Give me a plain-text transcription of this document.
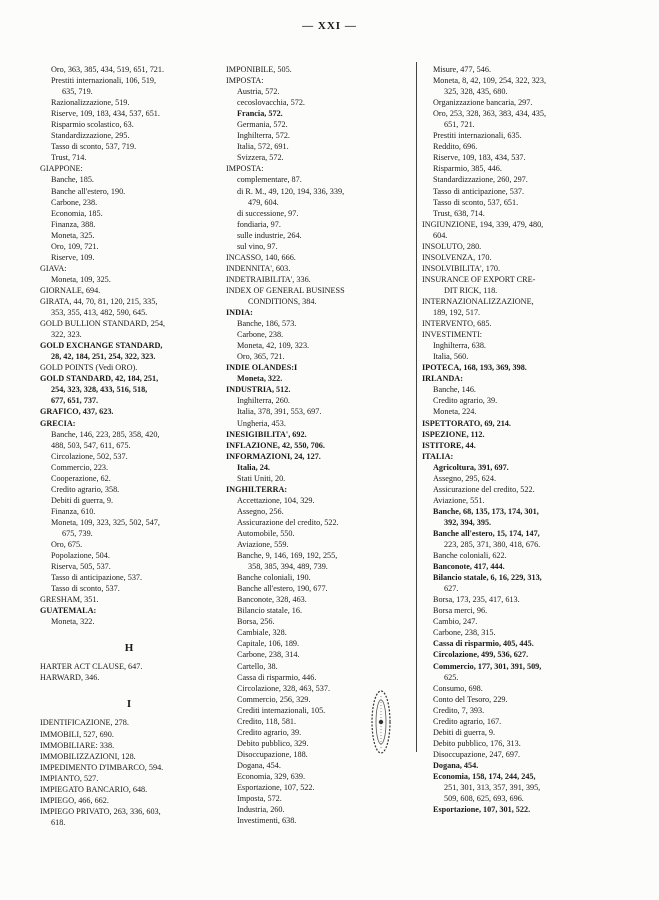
— XXI —
Oro, 363, 385, 434, 519, 651, 721.
Prestiti internazionali, 106, 519,
635, 719.
Razionalizzazione, 519.
Riserve, 109, 183, 434, 537, 651.
Risparmio scolastico, 63.
Standardizzazione, 295.
Tasso di sconto, 537, 719.
Trust, 714.
GIAPPONE:
Banche, 185.
Banche all'estero, 190.
Carbone, 238.
Economia, 185.
Finanza, 388.
Moneta, 325.
Oro, 109, 721.
Riserve, 109.
GIAVA:
Moneta, 109, 325.
GIORNALE, 694.
GIRATA, 44, 70, 81, 120, 215, 335,
353, 355, 413, 482, 590, 645.
GOLD BULLION STANDARD, 254,
322, 323.
GOLD EXCHANGE STANDARD,
28, 42, 184, 251, 254, 322, 323.
GOLD POINTS (Vedi ORO).
GOLD STANDARD, 42, 184, 251,
254, 323, 328, 433, 516, 518,
677, 651, 737.
GRAFICO, 437, 623.
GRECIA:
Banche, 146, 223, 285, 358, 420,
488, 503, 547, 611, 675.
Circolazione, 502, 537.
Commercio, 223.
Cooperazione, 62.
Credito agrario, 358.
Debiti di guerra, 9.
Finanza, 610.
Moneta, 109, 323, 325, 502, 547,
675, 739.
Oro, 675.
Popolazione, 504.
Riserva, 505, 537.
Tasso di anticipazione, 537.
Tasso di sconto, 537.
GRESHAM, 351.
GUATEMALA:
Moneta, 322.
H
HARTER ACT CLAUSE, 647.
HARWARD, 346.
I
IDENTIFICAZIONE, 278.
IMMOBILI, 527, 690.
IMMOBILIARE: 338.
IMMOBILIZZAZIONI, 128.
IMPEDIMENTO D'IMBARCO, 594.
IMPIANTO, 527.
IMPIEGATO BANCARIO, 648.
IMPIEGO, 466, 662.
IMPIEGO PRIVATO, 263, 336, 603,
618.
IMPONIBILE, 505.
IMPOSTA:
Austria, 572.
cecoslovacchia, 572.
Francia, 572.
Germania, 572.
Inghilterra, 572.
Italia, 572, 691.
Svizzera, 572.
IMPOSTA:
complementare, 87.
di R. M., 49, 120, 194, 336, 339,
479, 604.
di successione, 97.
fondiaria, 97.
sulle industrie, 264.
sul vino, 97.
INCASSO, 140, 666.
INDENNITA', 603.
INDETRAIBILITA', 336.
INDEX OF GENERAL BUSINESS
CONDITIONS, 384.
INDIA:
Banche, 186, 573.
Carbone, 238.
Moneta, 42, 109, 323.
Oro, 365, 721.
INDIE OLANDES:I
Moneta, 322.
INDUSTRIA, 512.
Inghilterra, 260.
Italia, 378, 391, 553, 697.
Ungheria, 453.
INESIGIBILITA', 692.
INFLAZIONE, 42, 550, 706.
INFORMAZIONI, 24, 127.
Italia, 24.
Stati Uniti, 20.
INGHILTERRA:
Accettazione, 104, 329.
Assegno, 256.
Assicurazione del credito, 522.
Automobile, 550.
Aviazione, 559.
Banche, 9, 146, 169, 192, 255,
358, 385, 394, 489, 739.
Banche coloniali, 190.
Banche all'estero, 190, 677.
Banconote, 328, 463.
Bilancio statale, 16.
Borsa, 256.
Cambiale, 328.
Capitale, 106, 189.
Carbone, 238, 314.
Cartello, 38.
Cassa di risparmio, 446.
Circolazione, 328, 463, 537.
Commercio, 256, 329.
Crediti internazionali, 105.
Credito, 118, 581.
Credito agrario, 39.
Debito pubblico, 329.
Disoccupazione, 188.
Dogana, 454.
Economia, 329, 639.
Esportazione, 107, 522.
Imposta, 572.
Industria, 260.
Investimenti, 638.
Misure, 477, 546.
Moneta, 8, 42, 109, 254, 322, 323,
325, 328, 435, 680.
Organizzazione bancaria, 297.
Oro, 253, 328, 363, 383, 434, 435,
651, 721.
Prestiti internazionali, 635.
Reddito, 696.
Riserve, 109, 183, 434, 537.
Risparmio, 385, 446.
Standardizzazione, 260, 297.
Tasso di anticipazione, 537.
Tasso di sconto, 537, 651.
Trust, 638, 714.
INGIUNZIONE, 194, 339, 479, 480,
604.
INSOLUTO, 280.
INSOLVENZA, 170.
INSOLVIBILITA', 170.
INSURANCE OF EXPORT CRE-
DIT RICK, 118.
INTERNAZIONALIZZAZIONE,
189, 192, 517.
INTERVENTO, 685.
INVESTIMENTI:
Inghilterra, 638.
Italia, 560.
IPOTECA, 168, 193, 369, 398.
IRLANDA:
Banche, 146.
Credito agrario, 39.
Moneta, 224.
ISPETTORATO, 69, 214.
ISPEZIONE, 112.
ISTITORE, 44.
ITALIA:
Agricoltura, 391, 697.
Assegno, 295, 624.
Assicurazione del credito, 522.
Aviazione, 551.
Banche, 68, 135, 173, 174, 301,
392, 394, 395.
Banche all'estero, 15, 174, 147,
223, 285, 371, 380, 418, 676.
Banche coloniali, 622.
Banconote, 417, 444.
Bilancio statale, 6, 16, 229, 313,
627.
Borsa, 173, 235, 417, 613.
Borsa merci, 96.
Cambio, 247.
Carbone, 238, 315.
Cassa di risparmio, 405, 445.
Circolazione, 499, 536, 627.
Commercio, 177, 301, 391, 509,
625.
Consumo, 698.
Conto del Tesoro, 229.
Credito, 7, 393.
Credito agrario, 167.
Debiti di guerra, 9.
Debito pubblico, 176, 313.
Disoccupazione, 247, 697.
Dogana, 454.
Economia, 158, 174, 244, 245,
251, 301, 313, 357, 391, 395,
509, 608, 625, 693, 696.
Esportazione, 107, 301, 522.
